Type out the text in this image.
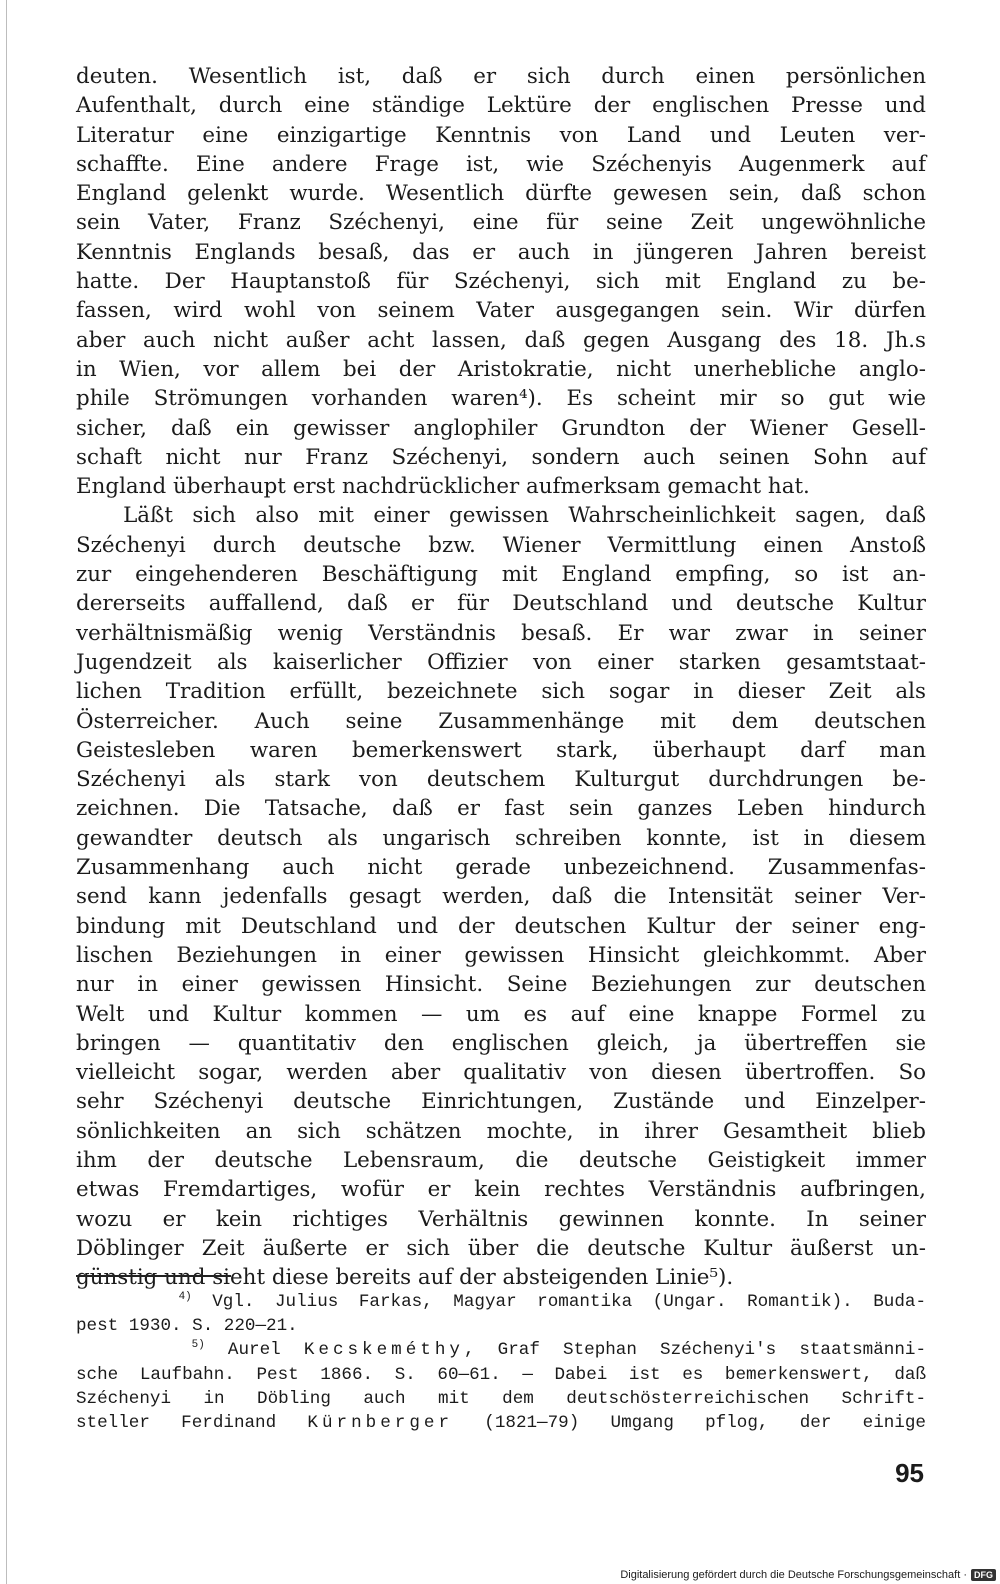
deuten. Wesentlich ist, daß er sich durch einen persönlichen
Aufenthalt, durch eine ständige Lektüre der englischen Presse und
Literatur eine einzigartige Kenntnis von Land und Leuten ver-
schaffte. Eine andere Frage ist, wie Széchenyis Augenmerk auf
England gelenkt wurde. Wesentlich dürfte gewesen sein, daß schon
sein Vater, Franz Széchenyi, eine für seine Zeit ungewöhnliche
Kenntnis Englands besaß, das er auch in jüngeren Jahren bereist
hatte. Der Hauptanstoß für Széchenyi, sich mit England zu be-
fassen, wird wohl von seinem Vater ausgegangen sein. Wir dürfen
aber auch nicht außer acht lassen, daß gegen Ausgang des 18. Jh.s
in Wien, vor allem bei der Aristokratie, nicht unerhebliche anglo-
phile Strömungen vorhanden waren⁴). Es scheint mir so gut wie
sicher, daß ein gewisser anglophiler Grundton der Wiener Gesell-
schaft nicht nur Franz Széchenyi, sondern auch seinen Sohn auf
England überhaupt erst nachdrücklicher aufmerksam gemacht hat.
Läßt sich also mit einer gewissen Wahrscheinlichkeit sagen, daß
Széchenyi durch deutsche bzw. Wiener Vermittlung einen Anstoß
zur eingehenderen Beschäftigung mit England empfing, so ist an-
dererseits auffallend, daß er für Deutschland und deutsche Kultur
verhältnismäßig wenig Verständnis besaß. Er war zwar in seiner
Jugendzeit als kaiserlicher Offizier von einer starken gesamtstaat-
lichen Tradition erfüllt, bezeichnete sich sogar in dieser Zeit als
Österreicher. Auch seine Zusammenhänge mit dem deutschen
Geistesleben waren bemerkenswert stark, überhaupt darf man
Széchenyi als stark von deutschem Kulturgut durchdrungen be-
zeichnen. Die Tatsache, daß er fast sein ganzes Leben hindurch
gewandter deutsch als ungarisch schreiben konnte, ist in diesem
Zusammenhang auch nicht gerade unbezeichnend. Zusammenfas-
send kann jedenfalls gesagt werden, daß die Intensität seiner Ver-
bindung mit Deutschland und der deutschen Kultur der seiner eng-
lischen Beziehungen in einer gewissen Hinsicht gleichkommt. Aber
nur in einer gewissen Hinsicht. Seine Beziehungen zur deutschen
Welt und Kultur kommen — um es auf eine knappe Formel zu
bringen — quantitativ den englischen gleich, ja übertreffen sie
vielleicht sogar, werden aber qualitativ von diesen übertroffen. So
sehr Széchenyi deutsche Einrichtungen, Zustände und Einzelper-
sönlichkeiten an sich schätzen mochte, in ihrer Gesamtheit blieb
ihm der deutsche Lebensraum, die deutsche Geistigkeit immer
etwas Fremdartiges, wofür er kein rechtes Verständnis aufbringen,
wozu er kein richtiges Verhältnis gewinnen konnte. In seiner
Döblinger Zeit äußerte er sich über die deutsche Kultur äußerst un-
günstig und sieht diese bereits auf der absteigenden Linie⁵).
$^{4)}$ Vgl. Julius Farkas, Magyar romantika (Ungar. Romantik). Buda-
pest 1930. S. 220—21.
$^{5)}$ Aurel Kecskeméthy, Graf Stephan Széchenyi's staatsmänni-
sche Laufbahn. Pest 1866. S. 60—61. — Dabei ist es bemerkenswert, daß
Széchenyi in Döbling auch mit dem deutschösterreichischen Schrift-
steller Ferdinand Kürnberger (1821—79) Umgang pflog, der einige
95
Digitalisierung gefördert durch die Deutsche Forschungsgemeinschaft · DFG
